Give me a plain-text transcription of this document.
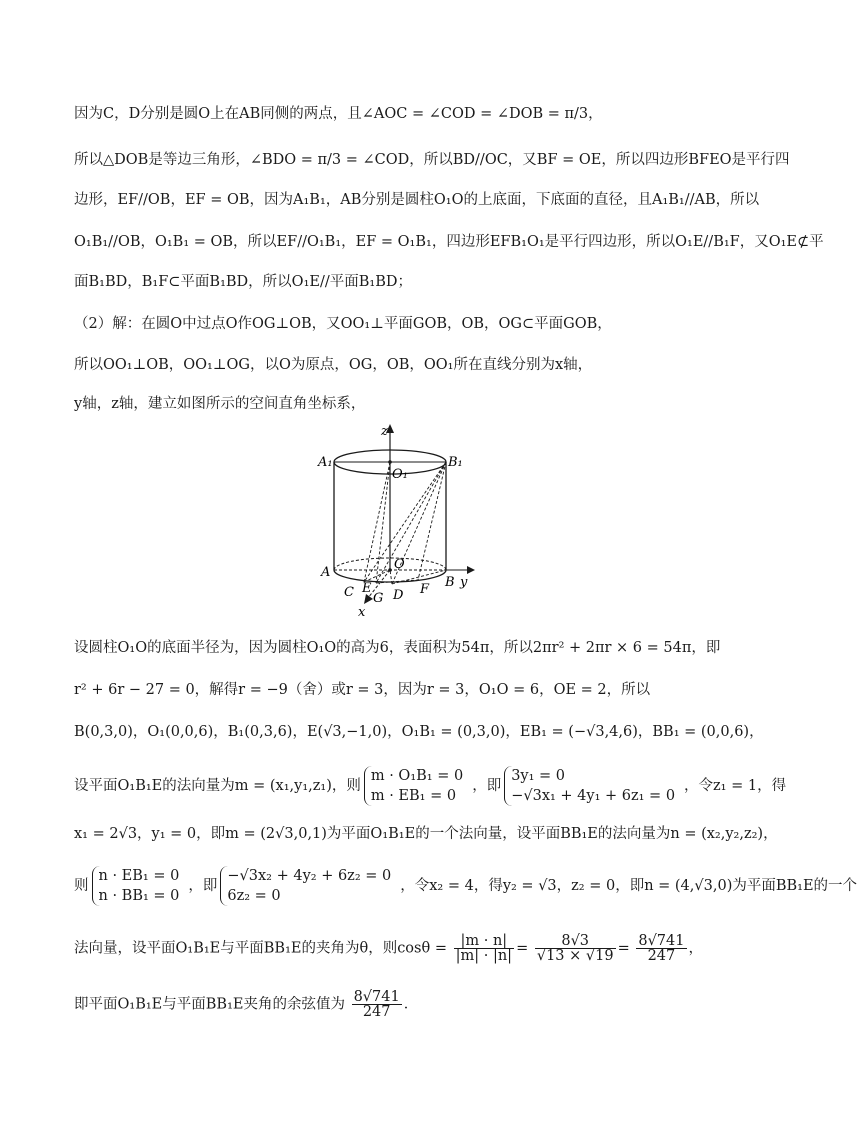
因为C，D分别是圆O上在AB同侧的两点，且∠AOC = ∠COD = ∠DOB = π/3，
所以△DOB是等边三角形，∠BDO = π/3 = ∠COD，所以BD//OC，又BF = OE，所以四边形BFEO是平行四
边形，EF//OB，EF = OB，因为A₁B₁，AB分别是圆柱O₁O的上底面，下底面的直径，且A₁B₁//AB，所以
O₁B₁//OB，O₁B₁ = OB，所以EF//O₁B₁，EF = O₁B₁，四边形EFB₁O₁是平行四边形，所以O₁E//B₁F，又O₁E⊄平
面B₁BD，B₁F⊂平面B₁BD，所以O₁E//平面B₁BD；
（2）解：在圆O中过点O作OG⊥OB，又OO₁⊥平面GOB，OB，OG⊂平面GOB，
所以OO₁⊥OB，OO₁⊥OG，以O为原点，OG，OB，OO₁所在直线分别为x轴，
y轴，z轴，建立如图所示的空间直角坐标系，
z
A₁
O₁
B₁
A
O
B y
C E
G D F
x
设圆柱O₁O的底面半径为，因为圆柱O₁O的高为6，表面积为54π，所以2πr² + 2πr × 6 = 54π，即
r² + 6r − 27 = 0，解得r = −9（舍）或r = 3，因为r = 3，O₁O = 6，OE = 2，所以
B(0,3,0)，O₁(0,0,6)，B₁(0,3,6)，E(√3,−1,0)，O₁B₁ = (0,3,0)，EB₁ = (−√3,4,6)，BB₁ = (0,0,6)，
设平面O₁B₁E的法向量为m = (x₁,y₁,z₁)，则
m · O₁B₁ = 0
m · EB₁ = 0
，即
3y₁ = 0
−√3x₁ + 4y₁ + 6z₁ = 0
，令z₁ = 1，得
x₁ = 2√3，y₁ = 0，即m = (2√3,0,1)为平面O₁B₁E的一个法向量，设平面BB₁E的法向量为n = (x₂,y₂,z₂)，
则
n · EB₁ = 0
n · BB₁ = 0
，即
−√3x₂ + 4y₂ + 6z₂ = 0
6z₂ = 0
，令x₂ = 4，得y₂ = √3，z₂ = 0，即n = (4,√3,0)为平面BB₁E的一个
法向量，设平面O₁B₁E与平面BB₁E的夹角为θ，则$\cos\theta = \frac{|m \cdot n|}{|m| \cdot |n|} = \frac{8√3}{√13 \times √19} = \frac{8√741}{247}$ ，
即平面O₁B₁E与平面BB₁E夹角的余弦值为 $\frac{8√741}{247}$ ．
